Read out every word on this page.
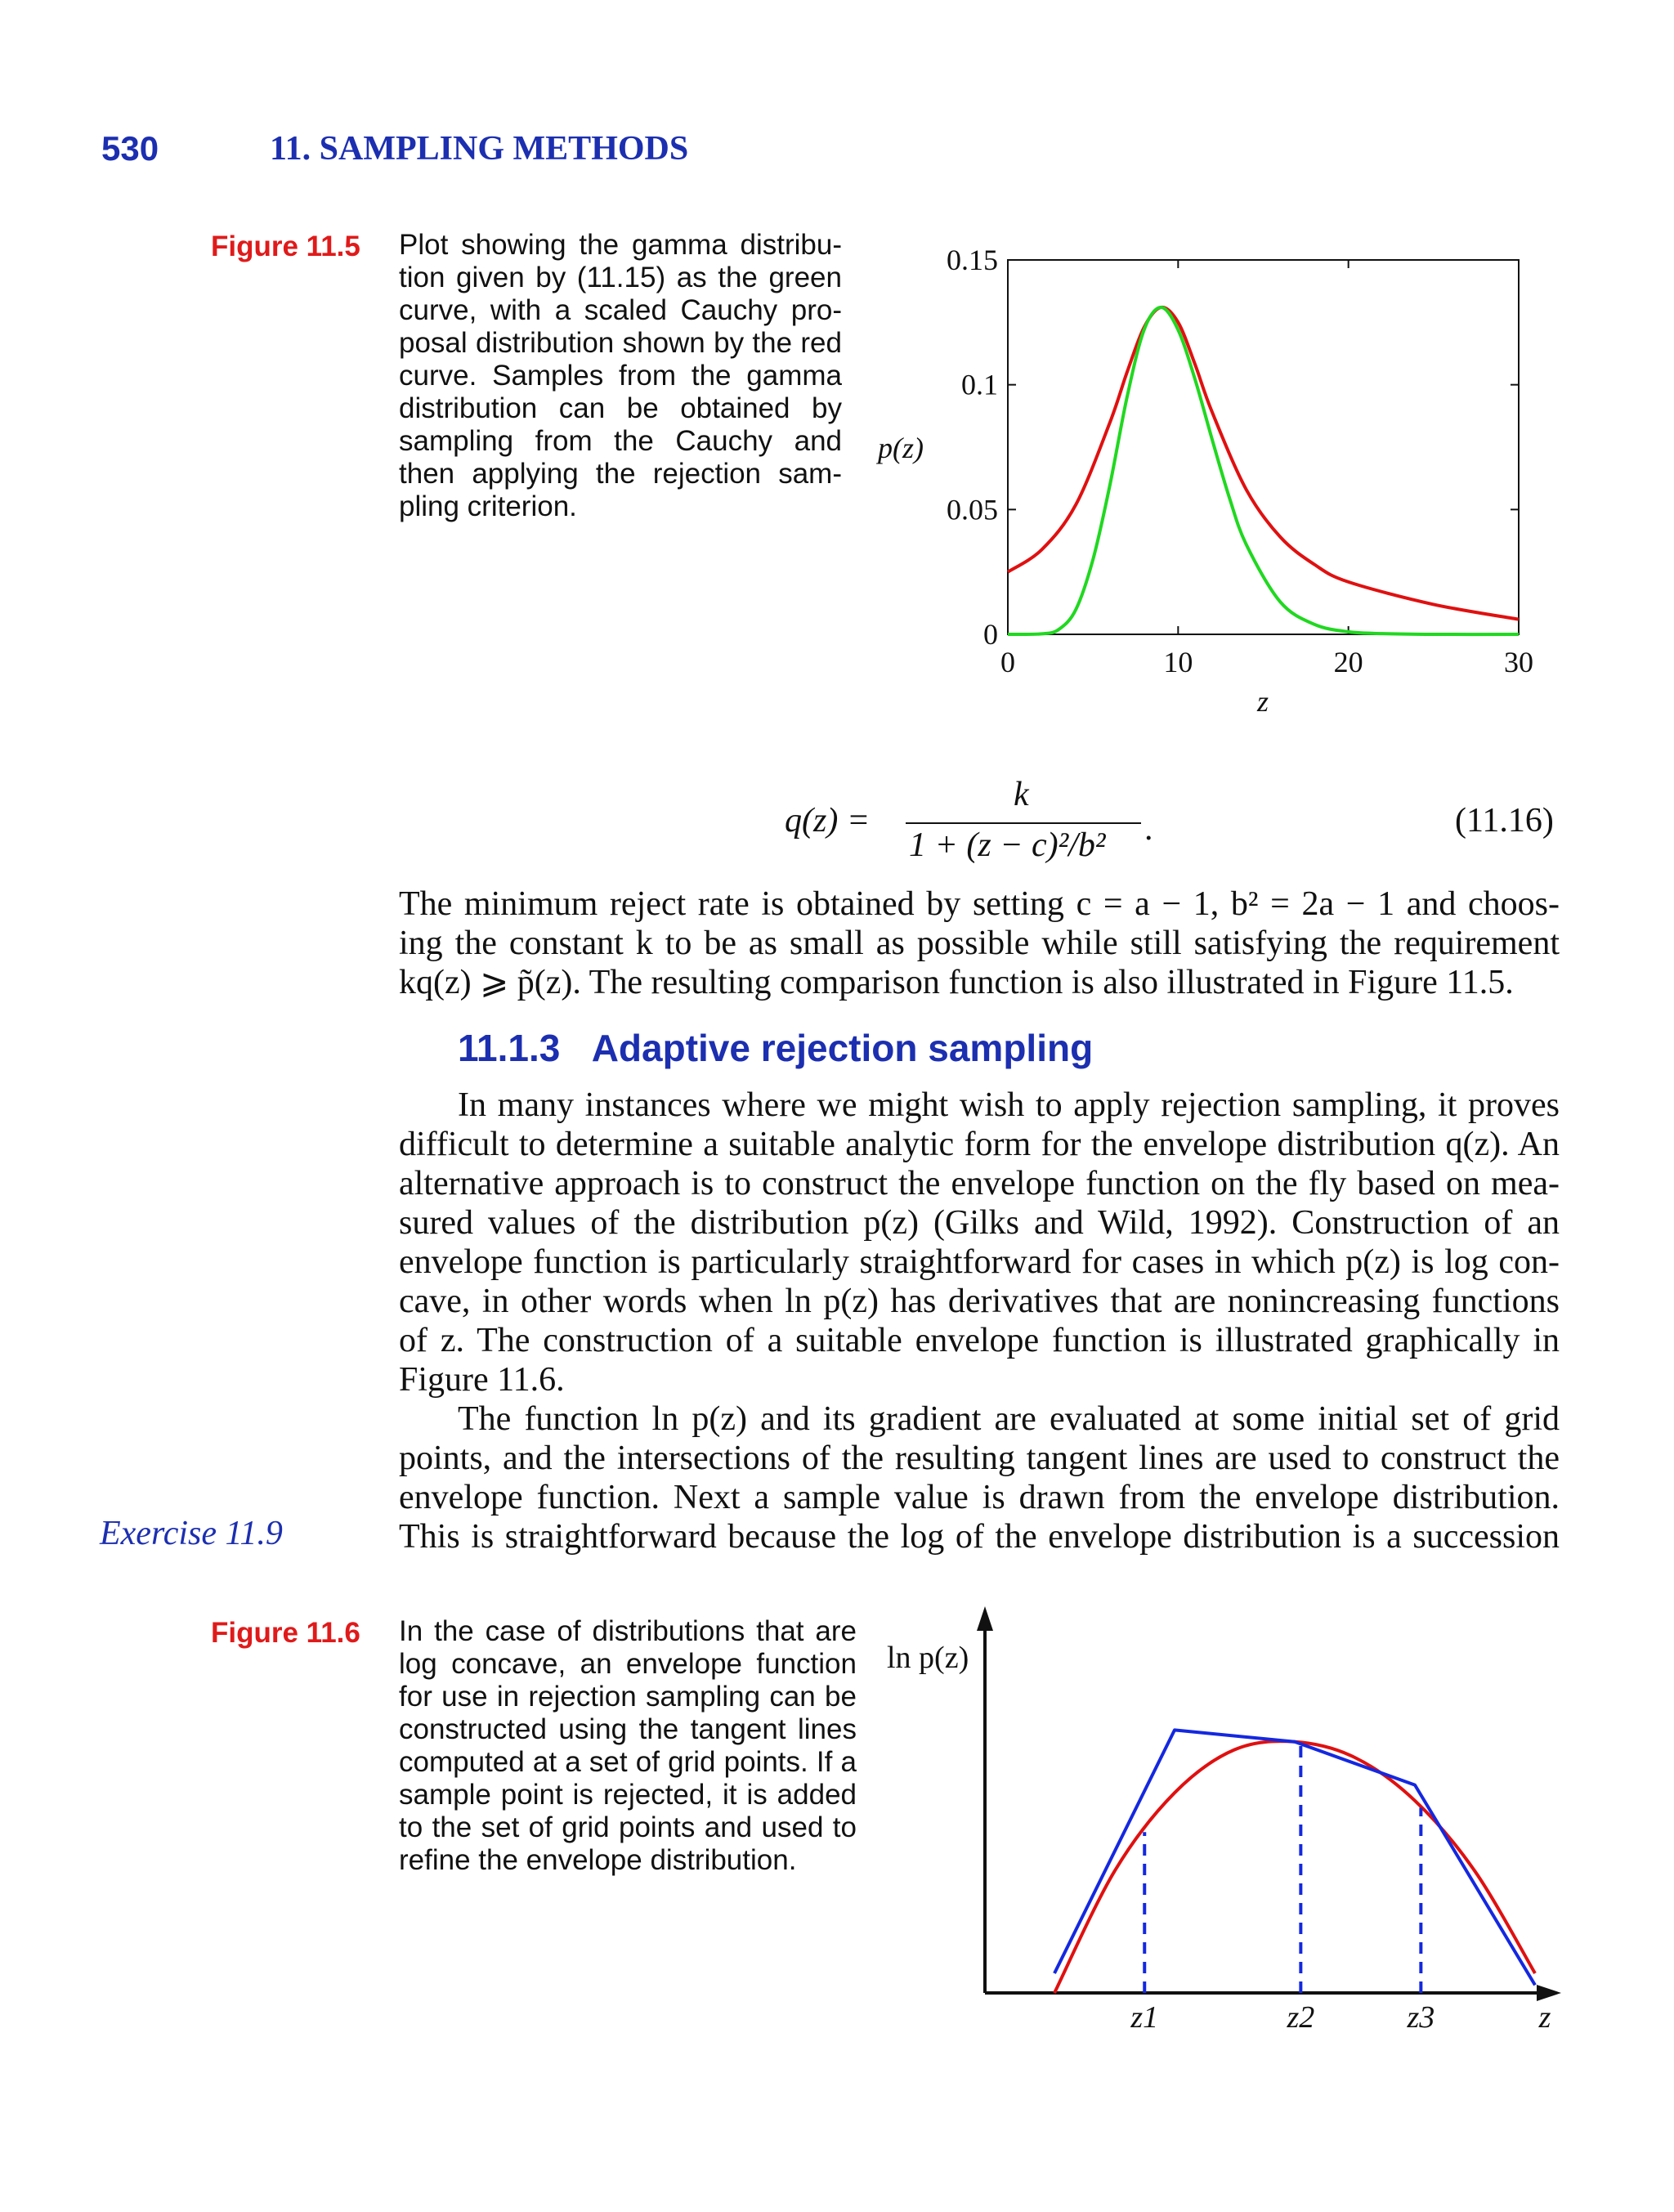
530	11. SAMPLING METHODS
Figure 11.5 Plot showing the gamma distribu-
tion given by (11.15) as the green
curve, with a scaled Cauchy pro-
posal distribution shown by the red
curve. Samples from the gamma
distribution can be obtained by
sampling from the Cauchy and
then applying the rejection sam-
pling criterion.
0	10	20	30
0
0.05
0.1
0.15
z
p(z)
q(z) =
k
1 + (z − c)²/b² .	(11.16)
The minimum reject rate is obtained by setting c = a − 1, b² = 2a − 1 and choos-
ing the constant k to be as small as possible while still satisfying the requirement
kq(z) ⩾ p̃(z). The resulting comparison function is also illustrated in Figure 11.5.
11.1.3 Adaptive rejection sampling
In many instances where we might wish to apply rejection sampling, it proves
difficult to determine a suitable analytic form for the envelope distribution q(z). An
alternative approach is to construct the envelope function on the fly based on mea-
sured values of the distribution p(z) (Gilks and Wild, 1992). Construction of an
envelope function is particularly straightforward for cases in which p(z) is log con-
cave, in other words when ln p(z) has derivatives that are nonincreasing functions
of z. The construction of a suitable envelope function is illustrated graphically in
Figure 11.6.
The function ln p(z) and its gradient are evaluated at some initial set of grid
points, and the intersections of the resulting tangent lines are used to construct the
envelope function. Next a sample value is drawn from the envelope distribution.
This is straightforward because the log of the envelope distribution is a succession
Exercise 11.9
Figure 11.6 In the case of distributions that are
log concave, an envelope function
for use in rejection sampling can be
constructed using the tangent lines
computed at a set of grid points. If a
sample point is rejected, it is added
to the set of grid points and used to
refine the envelope distribution.
ln p(z)
z
z1	z2	z3
